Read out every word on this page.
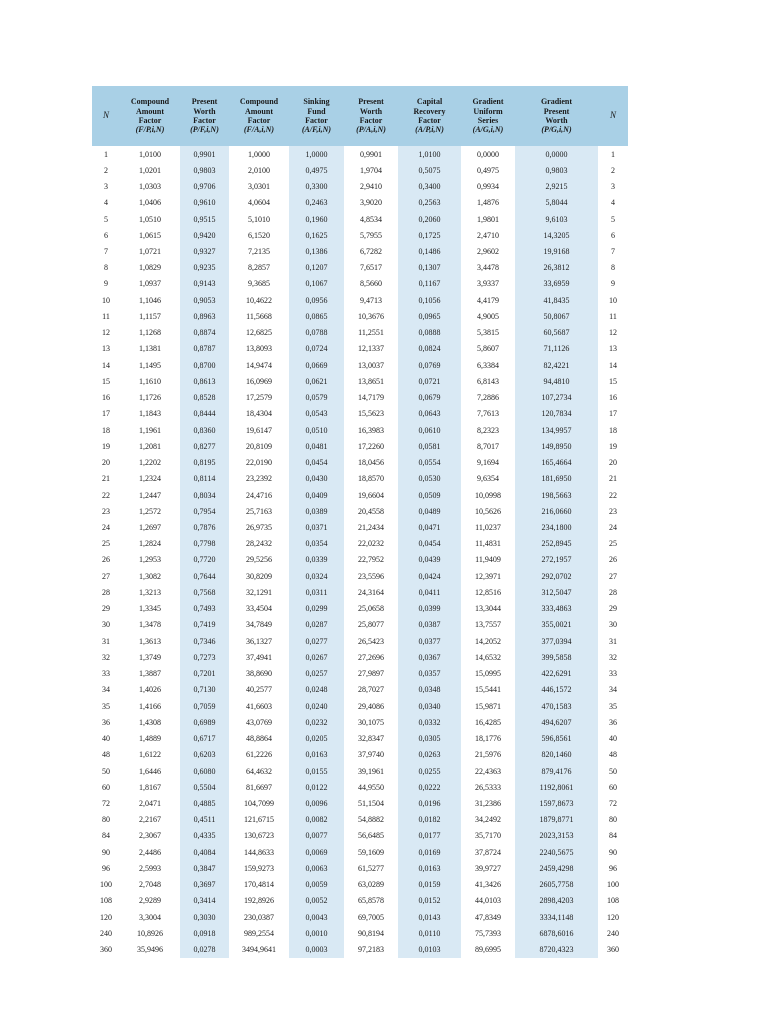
N	Compound
Amount
Factor
(F/P,i,N)	Present
Worth
Factor
(P/F,i,N)	Compound
Amount
Factor
(F/A,i,N)	Sinking
Fund
Factor
(A/F,i,N)	Present
Worth
Factor
(P/A,i,N)	Capital
Recovery
Factor
(A/P,i,N)	Gradient
Uniform
Series
(A/G,i,N)	Gradient
Present
Worth
(P/G,i,N)	N

1	1,0100	0,9901	1,0000	1,0000	0,9901	1,0100	0,0000	0,0000	1
2	1,0201	0,9803	2,0100	0,4975	1,9704	0,5075	0,4975	0,9803	2
3	1,0303	0,9706	3,0301	0,3300	2,9410	0,3400	0,9934	2,9215	3
4	1,0406	0,9610	4,0604	0,2463	3,9020	0,2563	1,4876	5,8044	4
5	1,0510	0,9515	5,1010	0,1960	4,8534	0,2060	1,9801	9,6103	5
6	1,0615	0,9420	6,1520	0,1625	5,7955	0,1725	2,4710	14,3205	6
7	1,0721	0,9327	7,2135	0,1386	6,7282	0,1486	2,9602	19,9168	7
8	1,0829	0,9235	8,2857	0,1207	7,6517	0,1307	3,4478	26,3812	8
9	1,0937	0,9143	9,3685	0,1067	8,5660	0,1167	3,9337	33,6959	9
10	1,1046	0,9053	10,4622	0,0956	9,4713	0,1056	4,4179	41,8435	10
11	1,1157	0,8963	11,5668	0,0865	10,3676	0,0965	4,9005	50,8067	11
12	1,1268	0,8874	12,6825	0,0788	11,2551	0,0888	5,3815	60,5687	12
13	1,1381	0,8787	13,8093	0,0724	12,1337	0,0824	5,8607	71,1126	13
14	1,1495	0,8700	14,9474	0,0669	13,0037	0,0769	6,3384	82,4221	14
15	1,1610	0,8613	16,0969	0,0621	13,8651	0,0721	6,8143	94,4810	15
16	1,1726	0,8528	17,2579	0,0579	14,7179	0,0679	7,2886	107,2734	16
17	1,1843	0,8444	18,4304	0,0543	15,5623	0,0643	7,7613	120,7834	17
18	1,1961	0,8360	19,6147	0,0510	16,3983	0,0610	8,2323	134,9957	18
19	1,2081	0,8277	20,8109	0,0481	17,2260	0,0581	8,7017	149,8950	19
20	1,2202	0,8195	22,0190	0,0454	18,0456	0,0554	9,1694	165,4664	20
21	1,2324	0,8114	23,2392	0,0430	18,8570	0,0530	9,6354	181,6950	21
22	1,2447	0,8034	24,4716	0,0409	19,6604	0,0509	10,0998	198,5663	22
23	1,2572	0,7954	25,7163	0,0389	20,4558	0,0489	10,5626	216,0660	23
24	1,2697	0,7876	26,9735	0,0371	21,2434	0,0471	11,0237	234,1800	24
25	1,2824	0,7798	28,2432	0,0354	22,0232	0,0454	11,4831	252,8945	25
26	1,2953	0,7720	29,5256	0,0339	22,7952	0,0439	11,9409	272,1957	26
27	1,3082	0,7644	30,8209	0,0324	23,5596	0,0424	12,3971	292,0702	27
28	1,3213	0,7568	32,1291	0,0311	24,3164	0,0411	12,8516	312,5047	28
29	1,3345	0,7493	33,4504	0,0299	25,0658	0,0399	13,3044	333,4863	29
30	1,3478	0,7419	34,7849	0,0287	25,8077	0,0387	13,7557	355,0021	30
31	1,3613	0,7346	36,1327	0,0277	26,5423	0,0377	14,2052	377,0394	31
32	1,3749	0,7273	37,4941	0,0267	27,2696	0,0367	14,6532	399,5858	32
33	1,3887	0,7201	38,8690	0,0257	27,9897	0,0357	15,0995	422,6291	33
34	1,4026	0,7130	40,2577	0,0248	28,7027	0,0348	15,5441	446,1572	34
35	1,4166	0,7059	41,6603	0,0240	29,4086	0,0340	15,9871	470,1583	35
36	1,4308	0,6989	43,0769	0,0232	30,1075	0,0332	16,4285	494,6207	36
40	1,4889	0,6717	48,8864	0,0205	32,8347	0,0305	18,1776	596,8561	40
48	1,6122	0,6203	61,2226	0,0163	37,9740	0,0263	21,5976	820,1460	48
50	1,6446	0,6080	64,4632	0,0155	39,1961	0,0255	22,4363	879,4176	50
60	1,8167	0,5504	81,6697	0,0122	44,9550	0,0222	26,5333	1192,8061	60
72	2,0471	0,4885	104,7099	0,0096	51,1504	0,0196	31,2386	1597,8673	72
80	2,2167	0,4511	121,6715	0,0082	54,8882	0,0182	34,2492	1879,8771	80
84	2,3067	0,4335	130,6723	0,0077	56,6485	0,0177	35,7170	2023,3153	84
90	2,4486	0,4084	144,8633	0,0069	59,1609	0,0169	37,8724	2240,5675	90
96	2,5993	0,3847	159,9273	0,0063	61,5277	0,0163	39,9727	2459,4298	96
100	2,7048	0,3697	170,4814	0,0059	63,0289	0,0159	41,3426	2605,7758	100
108	2,9289	0,3414	192,8926	0,0052	65,8578	0,0152	44,0103	2898,4203	108
120	3,3004	0,3030	230,0387	0,0043	69,7005	0,0143	47,8349	3334,1148	120
240	10,8926	0,0918	989,2554	0,0010	90,8194	0,0110	75,7393	6878,6016	240
360	35,9496	0,0278	3494,9641	0,0003	97,2183	0,0103	89,6995	8720,4323	360
